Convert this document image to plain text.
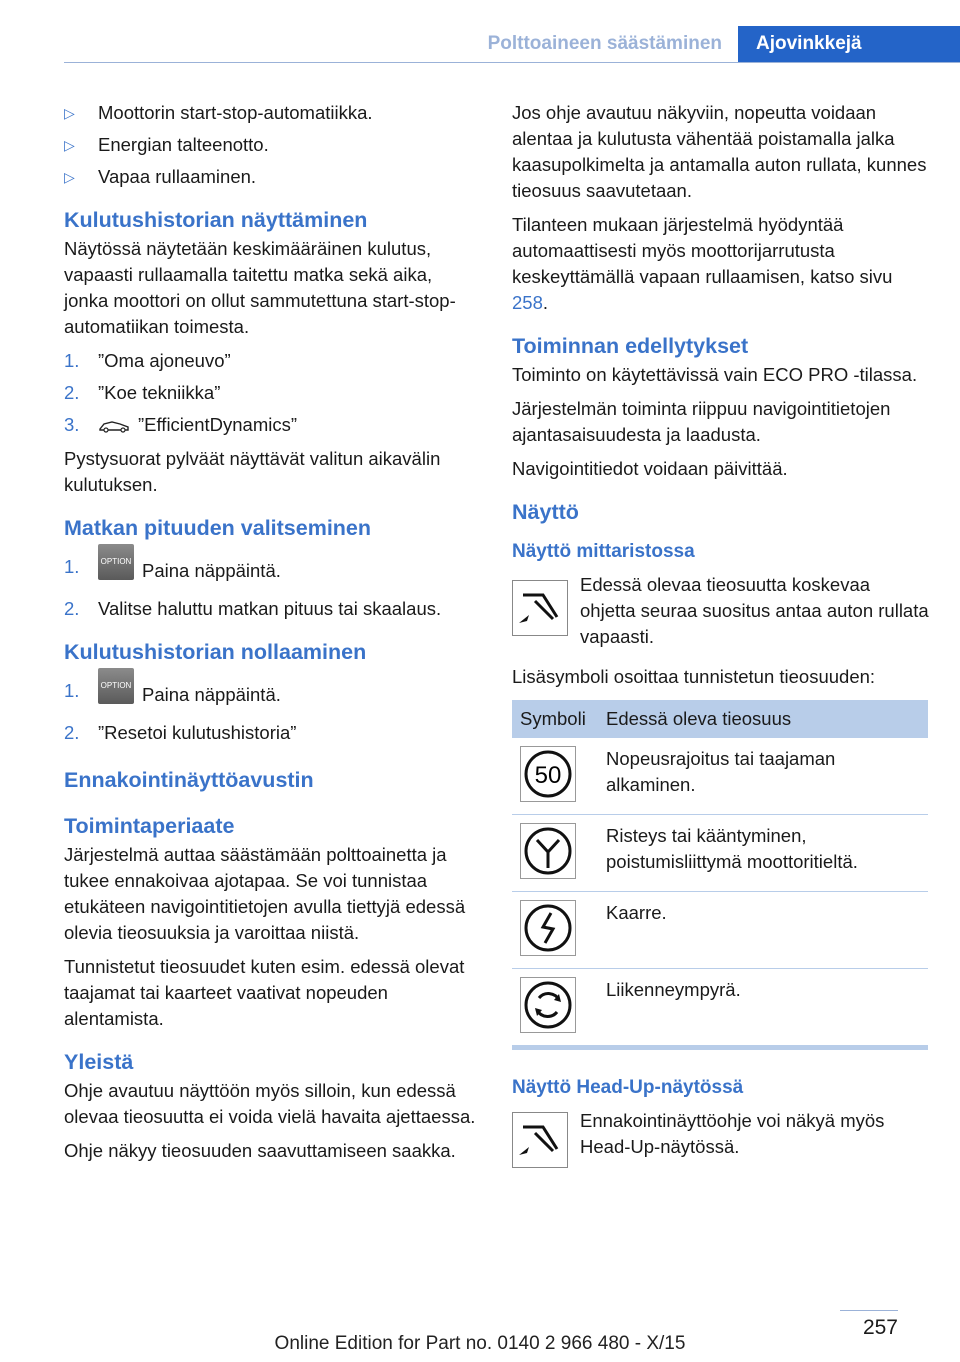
Polttoaineen säästäminen	Ajovinkkejä
▷ Moottorin start-stop-automatiikka.
▷ Energian talteenotto.
▷ Vapaa rullaaminen.
Kulutushistorian näyttäminen

Näytössä näytetään keskimääräinen kulutus, vapaasti rullaamalla taitettu matka sekä aika, jonka moottori on ollut sammutettuna start-stop-automatiikan toimesta.

1. ”Oma ajoneuvo”
2. ”Koe tekniikka”
3.	”EfficientDynamics”

Pystysuorat pylväät näyttävät valitun aikavälin kulutuksen.

Matkan pituuden valitseminen
1.	OPTION Paina näppäintä.
2. Valitse haluttu matkan pituus tai skaalaus.
Kulutushistorian nollaaminen
1.	OPTION Paina näppäintä.
2. ”Resetoi kulutushistoria”
Ennakointinäyttöavustin
Toimintaperiaate

Järjestelmä auttaa säästämään polttoainetta ja tukee ennakoivaa ajotapaa. Se voi tunnistaa etukäteen navigointitietojen avulla tiettyjä edessä olevia tieosuuksia ja varoittaa niistä.

Tunnistetut tieosuudet kuten esim. edessä olevat taajamat tai kaarteet vaativat nopeuden alentamista.

Yleistä

Ohje avautuu näyttöön myös silloin, kun edessä olevaa tieosuutta ei voida vielä havaita ajettaessa.

Ohje näkyy tieosuuden saavuttamiseen saakka.

Jos ohje avautuu näkyviin, nopeutta voidaan alentaa ja kulutusta vähentää poistamalla jalka kaasupolkimelta ja antamalla auton rullata, kunnes tieosuus saavutetaan.

Tilanteen mukaan järjestelmä hyödyntää automaattisesti myös moottorijarrutusta keskeyttämällä vapaan rullaamisen, katso sivu 258.

Toiminnan edellytykset

Toiminto on käytettävissä vain ECO PRO -tilassa.

Järjestelmän toiminta riippuu navigointitietojen ajantasaisuudesta ja laadusta.

Navigointitiedot voidaan päivittää.

Näyttö
Näyttö mittaristossa

Edessä olevaa tieosuutta koskevaa ohjetta seuraa suositus antaa auton rullata vapaasti.

Lisäsymboli osoittaa tunnistetun tieosuuden:

Symboli	Edessä oleva tieosuus

50	Nopeusrajoitus tai taajaman alkaminen.
	Risteys tai kääntyminen, poistumisliittymä moottoritieltä.
	Kaarre.
	Liikenneympyrä.
Näyttö Head-Up-näytössä

Ennakointinäyttöohje voi näkyä myös Head-Up-näytössä.

257
Online Edition for Part no. 0140 2 966 480 - X/15
